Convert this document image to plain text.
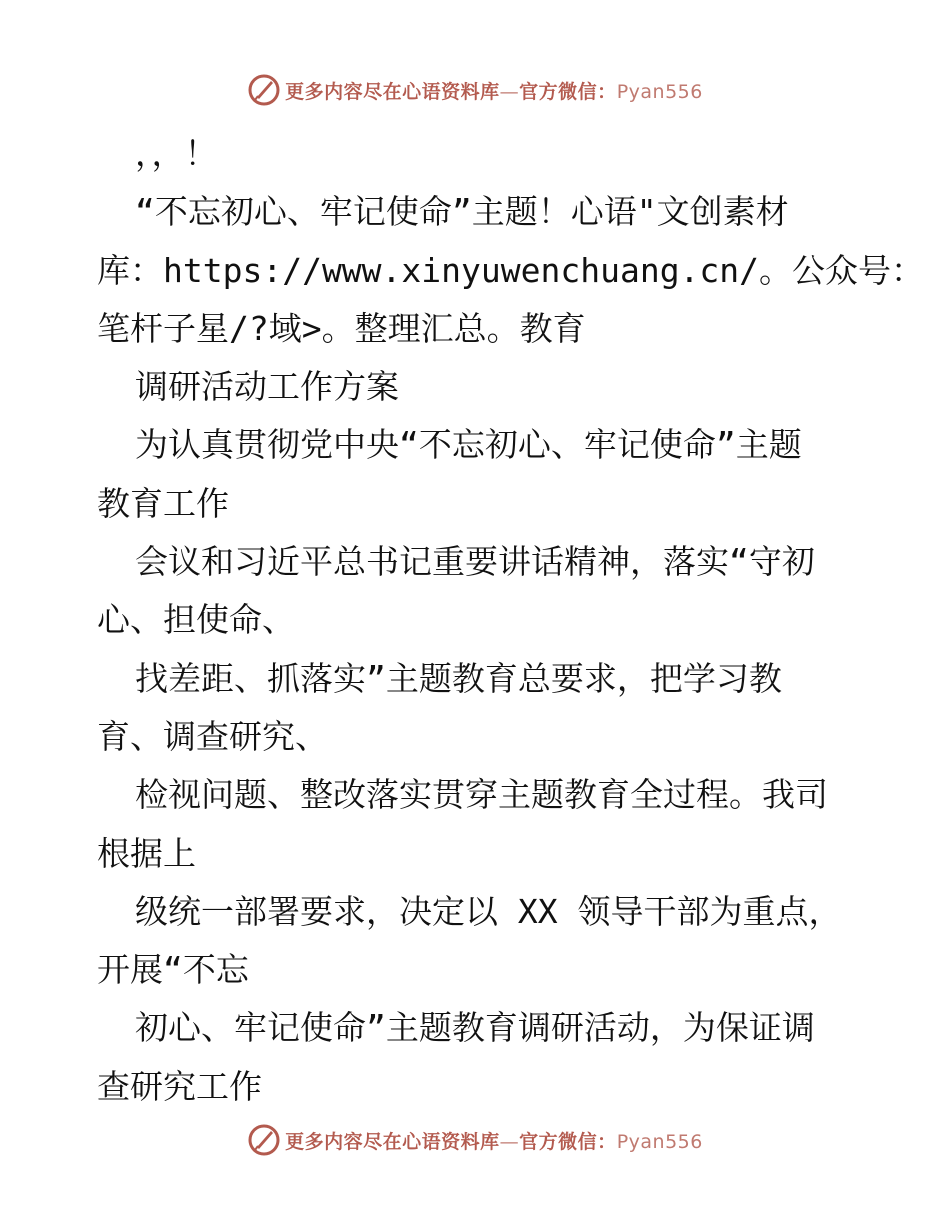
更多内容尽在心语资料库—官方微信：Pyan556
，，！
“不忘初心、牢记使命”主题！心语"文创素材
库：https://www.xinyuwenchuang.cn/。公众号：
笔杆子星/?域>。整理汇总。教育
调研活动工作方案
为认真贯彻党中央“不忘初心、牢记使命”主题
教育工作
会议和习近平总书记重要讲话精神，落实“守初
心、担使命、
找差距、抓落实”主题教育总要求，把学习教
育、调查研究、
检视问题、整改落实贯穿主题教育全过程。我司
根据上
级统一部署要求，决定以 XX 领导干部为重点，
开展“不忘
初心、牢记使命”主题教育调研活动，为保证调
查研究工作
更多内容尽在心语资料库—官方微信：Pyan556
